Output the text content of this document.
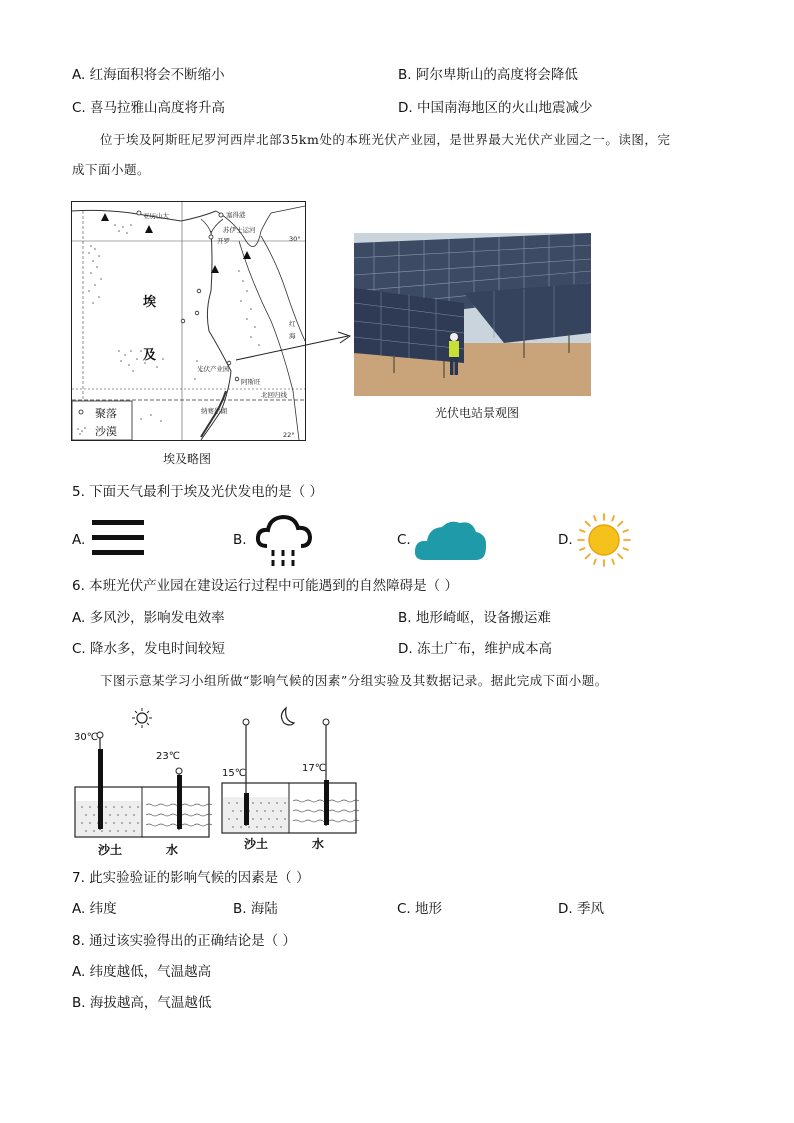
A. 红海面积将会不断缩小	B. 阿尔卑斯山的高度将会降低
C. 喜马拉雅山高度将升高	D. 中国南海地区的火山地震减少
位于埃及阿斯旺尼罗河西岸北部35km处的本班光伏产业园，是世界最大光伏产业园之一。读图，完
成下面小题。
亚历山大	塞得港
苏伊士运河
开罗	30°
埃
及
红
海
光伏产业园
阿斯旺
北回归线
纳赛尔湖
22°
聚落
沙漠
埃及略图
光伏电站景观图
5. 下面天气最利于埃及光伏发电的是（ ）
A.	B.	C.	D.
6. 本班光伏产业园在建设运行过程中可能遇到的自然障碍是（ ）
A. 多风沙，影响发电效率	B. 地形崎岖，设备搬运难
C. 降水多，发电时间较短	D. 冻土广布，维护成本高
下图示意某学习小组所做“影响气候的因素”分组实验及其数据记录。据此完成下面小题。
30℃
23℃
15℃	17℃
沙土	水	沙土	水
7. 此实验验证的影响气候的因素是（ ）
A. 纬度	B. 海陆	C. 地形	D. 季风
8. 通过该实验得出的正确结论是（ ）
A. 纬度越低，气温越高
B. 海拔越高，气温越低
